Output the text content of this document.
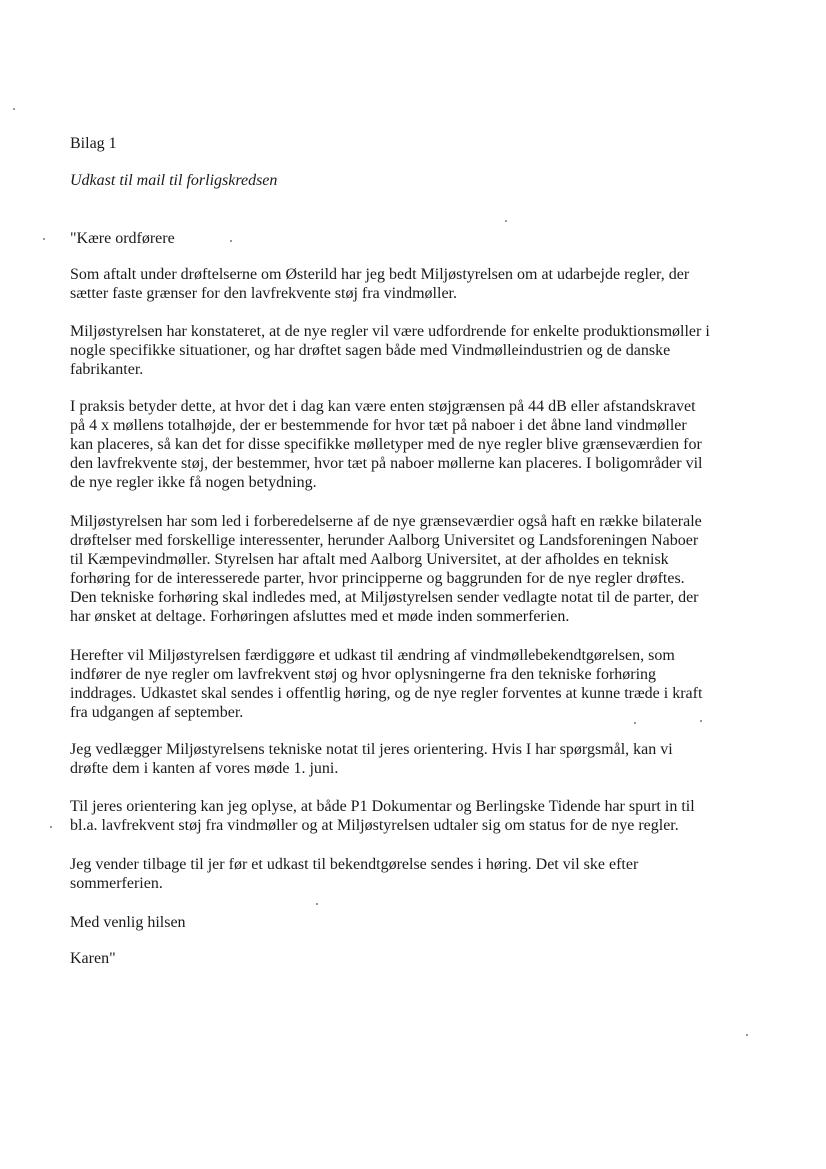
Bilag 1
Udkast til mail til forligskredsen
"Kære ordførere
Som aftalt under drøftelserne om Østerild har jeg bedt Miljøstyrelsen om at udarbejde regler, der
sætter faste grænser for den lavfrekvente støj fra vindmøller.
Miljøstyrelsen har konstateret, at de nye regler vil være udfordrende for enkelte produktionsmøller i
nogle specifikke situationer, og har drøftet sagen både med Vindmølleindustrien og de danske
fabrikanter.
I praksis betyder dette, at hvor det i dag kan være enten støjgrænsen på 44 dB eller afstandskravet
på 4 x møllens totalhøjde, der er bestemmende for hvor tæt på naboer i det åbne land vindmøller
kan placeres, så kan det for disse specifikke mølletyper med de nye regler blive grænseværdien for
den lavfrekvente støj, der bestemmer, hvor tæt på naboer møllerne kan placeres. I boligområder vil
de nye regler ikke få nogen betydning.
Miljøstyrelsen har som led i forberedelserne af de nye grænseværdier også haft en række bilaterale
drøftelser med forskellige interessenter, herunder Aalborg Universitet og Landsforeningen Naboer
til Kæmpevindmøller. Styrelsen har aftalt med Aalborg Universitet, at der afholdes en teknisk
forhøring for de interesserede parter, hvor principperne og baggrunden for de nye regler drøftes.
Den tekniske forhøring skal indledes med, at Miljøstyrelsen sender vedlagte notat til de parter, der
har ønsket at deltage. Forhøringen afsluttes med et møde inden sommerferien.
Herefter vil Miljøstyrelsen færdiggøre et udkast til ændring af vindmøllebekendtgørelsen, som
indfører de nye regler om lavfrekvent støj og hvor oplysningerne fra den tekniske forhøring
inddrages. Udkastet skal sendes i offentlig høring, og de nye regler forventes at kunne træde i kraft
fra udgangen af september.
Jeg vedlægger Miljøstyrelsens tekniske notat til jeres orientering. Hvis I har spørgsmål, kan vi
drøfte dem i kanten af vores møde 1. juni.
Til jeres orientering kan jeg oplyse, at både P1 Dokumentar og Berlingske Tidende har spurt in til
bl.a. lavfrekvent støj fra vindmøller og at Miljøstyrelsen udtaler sig om status for de nye regler.
Jeg vender tilbage til jer før et udkast til bekendtgørelse sendes i høring. Det vil ske efter
sommerferien.
Med venlig hilsen
Karen"
